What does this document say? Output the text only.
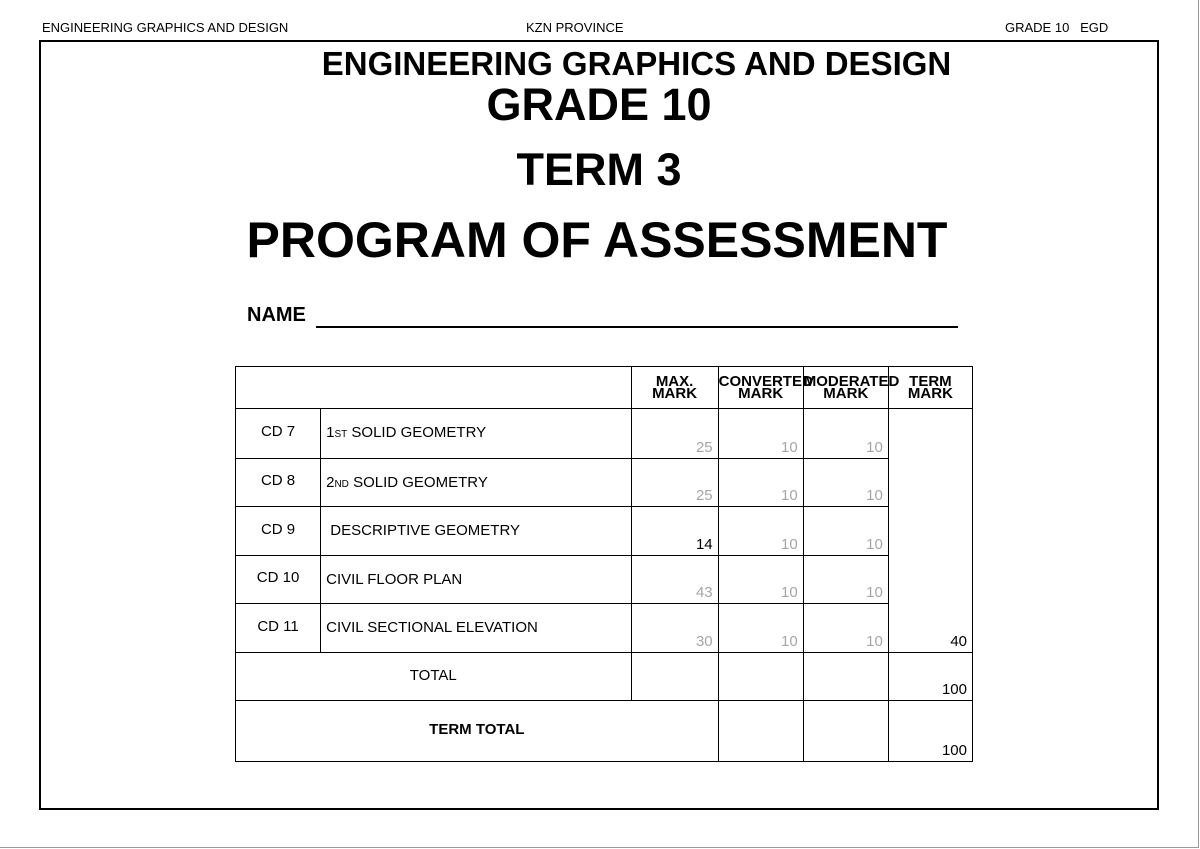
ENGINEERING GRAPHICS AND DESIGN	KZN PROVINCE	GRADE 10   EGD
ENGINEERING GRAPHICS AND DESIGN
GRADE 10
TERM 3
PROGRAM OF ASSESSMENT
NAME
		MAX. MARK	CONVERTED MARK	MODERATED MARK	TERM MARK
CD 7	1ST SOLID GEOMETRY	25	10	10	40
CD 8	2ND SOLID GEOMETRY	25	10	10	
CD 9	DESCRIPTIVE GEOMETRY	14	10	10	
CD 10	CIVIL FLOOR PLAN	43	10	10	
CD 11	CIVIL SECTIONAL ELEVATION	30	10	10	
TOTAL					100
TERM TOTAL					100
